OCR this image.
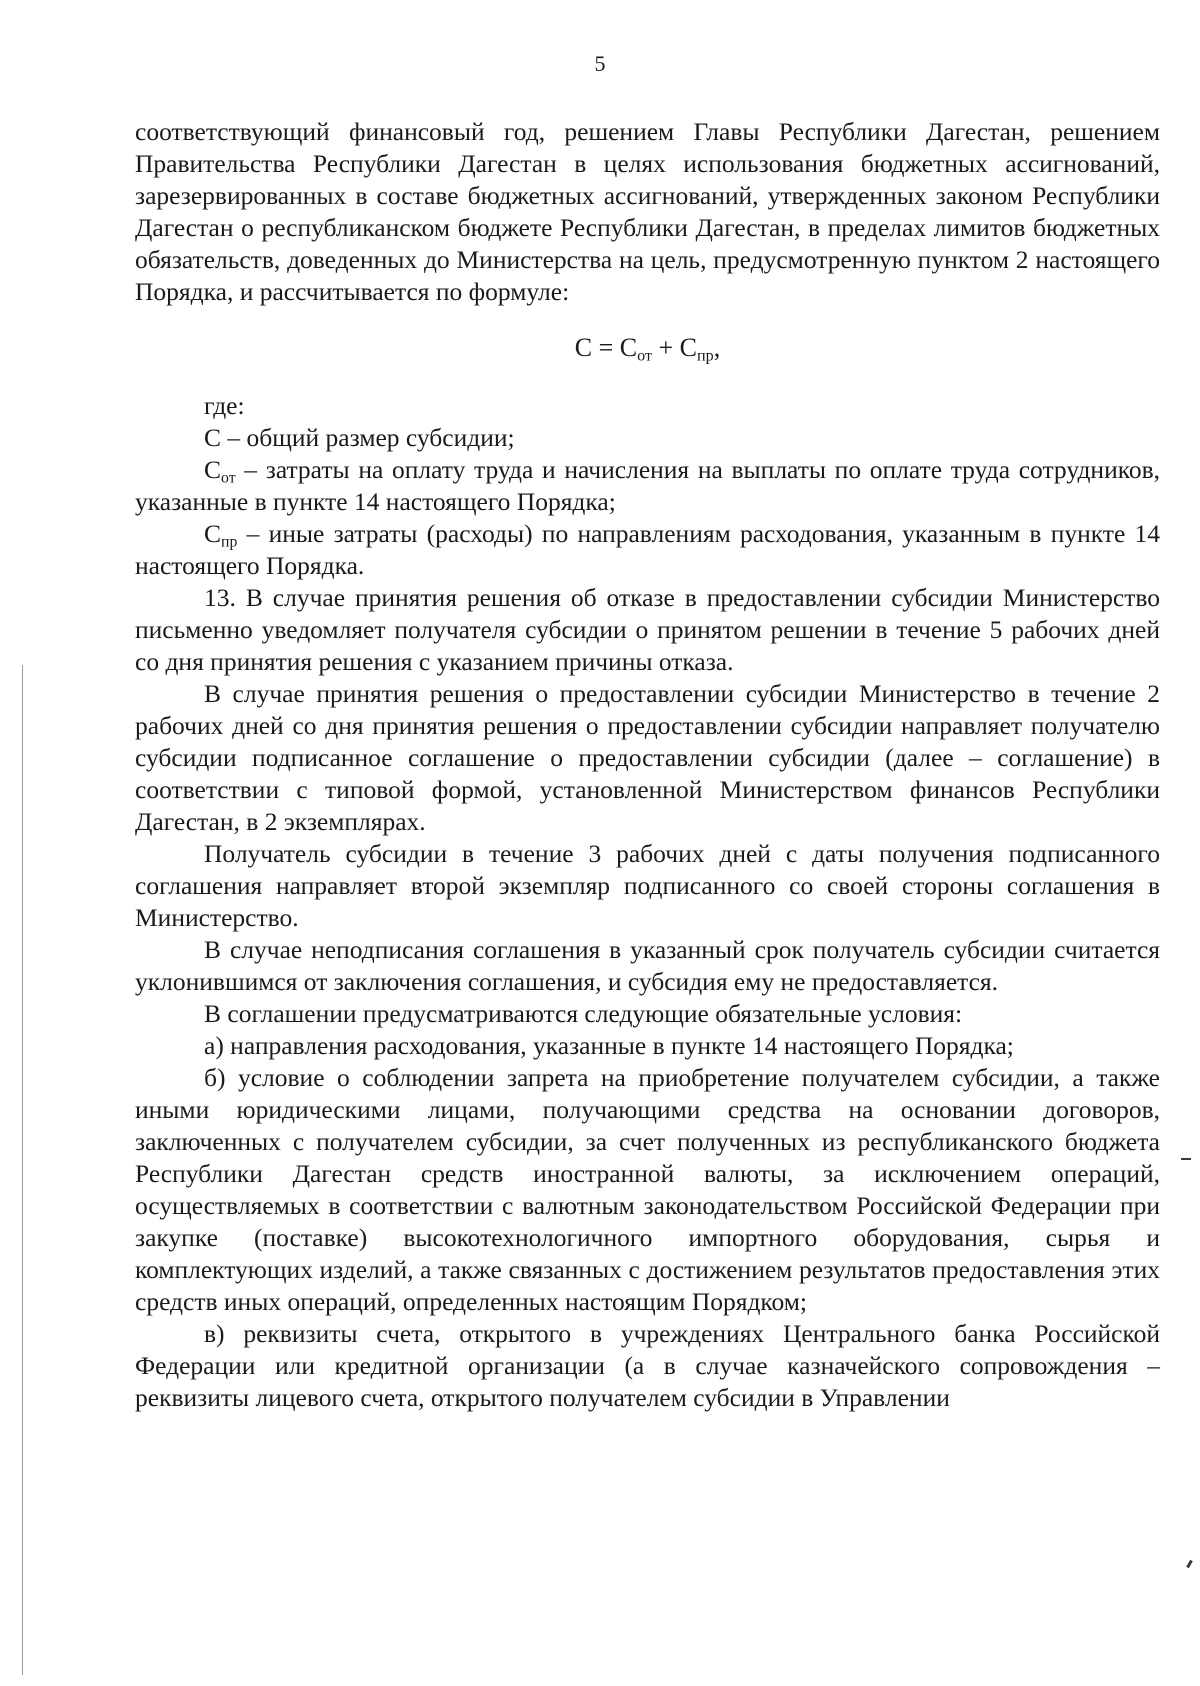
5

соответствующий финансовый год, решением Главы Республики Дагестан, решением Правительства Республики Дагестан в целях использования бюджетных ассигнований, зарезервированных в составе бюджетных ассигнований, утвержденных законом Республики Дагестан о республиканском бюджете Республики Дагестан, в пределах лимитов бюджетных обязательств, доведенных до Министерства на цель, предусмотренную пунктом 2 настоящего Порядка, и рассчитывается по формуле:

$C = C_{от} + C_{пр}$,

где:

C – общий размер субсидии;

$C_{от}$ – затраты на оплату труда и начисления на выплаты по оплате труда сотрудников, указанные в пункте 14 настоящего Порядка;

$C_{пр}$ – иные затраты (расходы) по направлениям расходования, указанным в пункте 14 настоящего Порядка.

13. В случае принятия решения об отказе в предоставлении субсидии Министерство письменно уведомляет получателя субсидии о принятом решении в течение 5 рабочих дней со дня принятия решения с указанием причины отказа.

В случае принятия решения о предоставлении субсидии Министерство в течение 2 рабочих дней со дня принятия решения о предоставлении субсидии направляет получателю субсидии подписанное соглашение о предоставлении субсидии (далее – соглашение) в соответствии с типовой формой, установленной Министерством финансов Республики Дагестан, в 2 экземплярах.

Получатель субсидии в течение 3 рабочих дней с даты получения подписанного соглашения направляет второй экземпляр подписанного со своей стороны соглашения в Министерство.

В случае неподписания соглашения в указанный срок получатель субсидии считается уклонившимся от заключения соглашения, и субсидия ему не предоставляется.

В соглашении предусматриваются следующие обязательные условия:

а) направления расходования, указанные в пункте 14 настоящего Порядка;

б) условие о соблюдении запрета на приобретение получателем субсидии, а также иными юридическими лицами, получающими средства на основании договоров, заключенных с получателем субсидии, за счет полученных из республиканского бюджета Республики Дагестан средств иностранной валюты, за исключением операций, осуществляемых в соответствии с валютным законодательством Российской Федерации при закупке (поставке) высокотехнологичного импортного оборудования, сырья и комплектующих изделий, а также связанных с достижением результатов предоставления этих средств иных операций, определенных настоящим Порядком;

в) реквизиты счета, открытого в учреждениях Центрального банка Российской Федерации или кредитной организации (а в случае казначейского сопровождения – реквизиты лицевого счета, открытого получателем субсидии в Управлении
